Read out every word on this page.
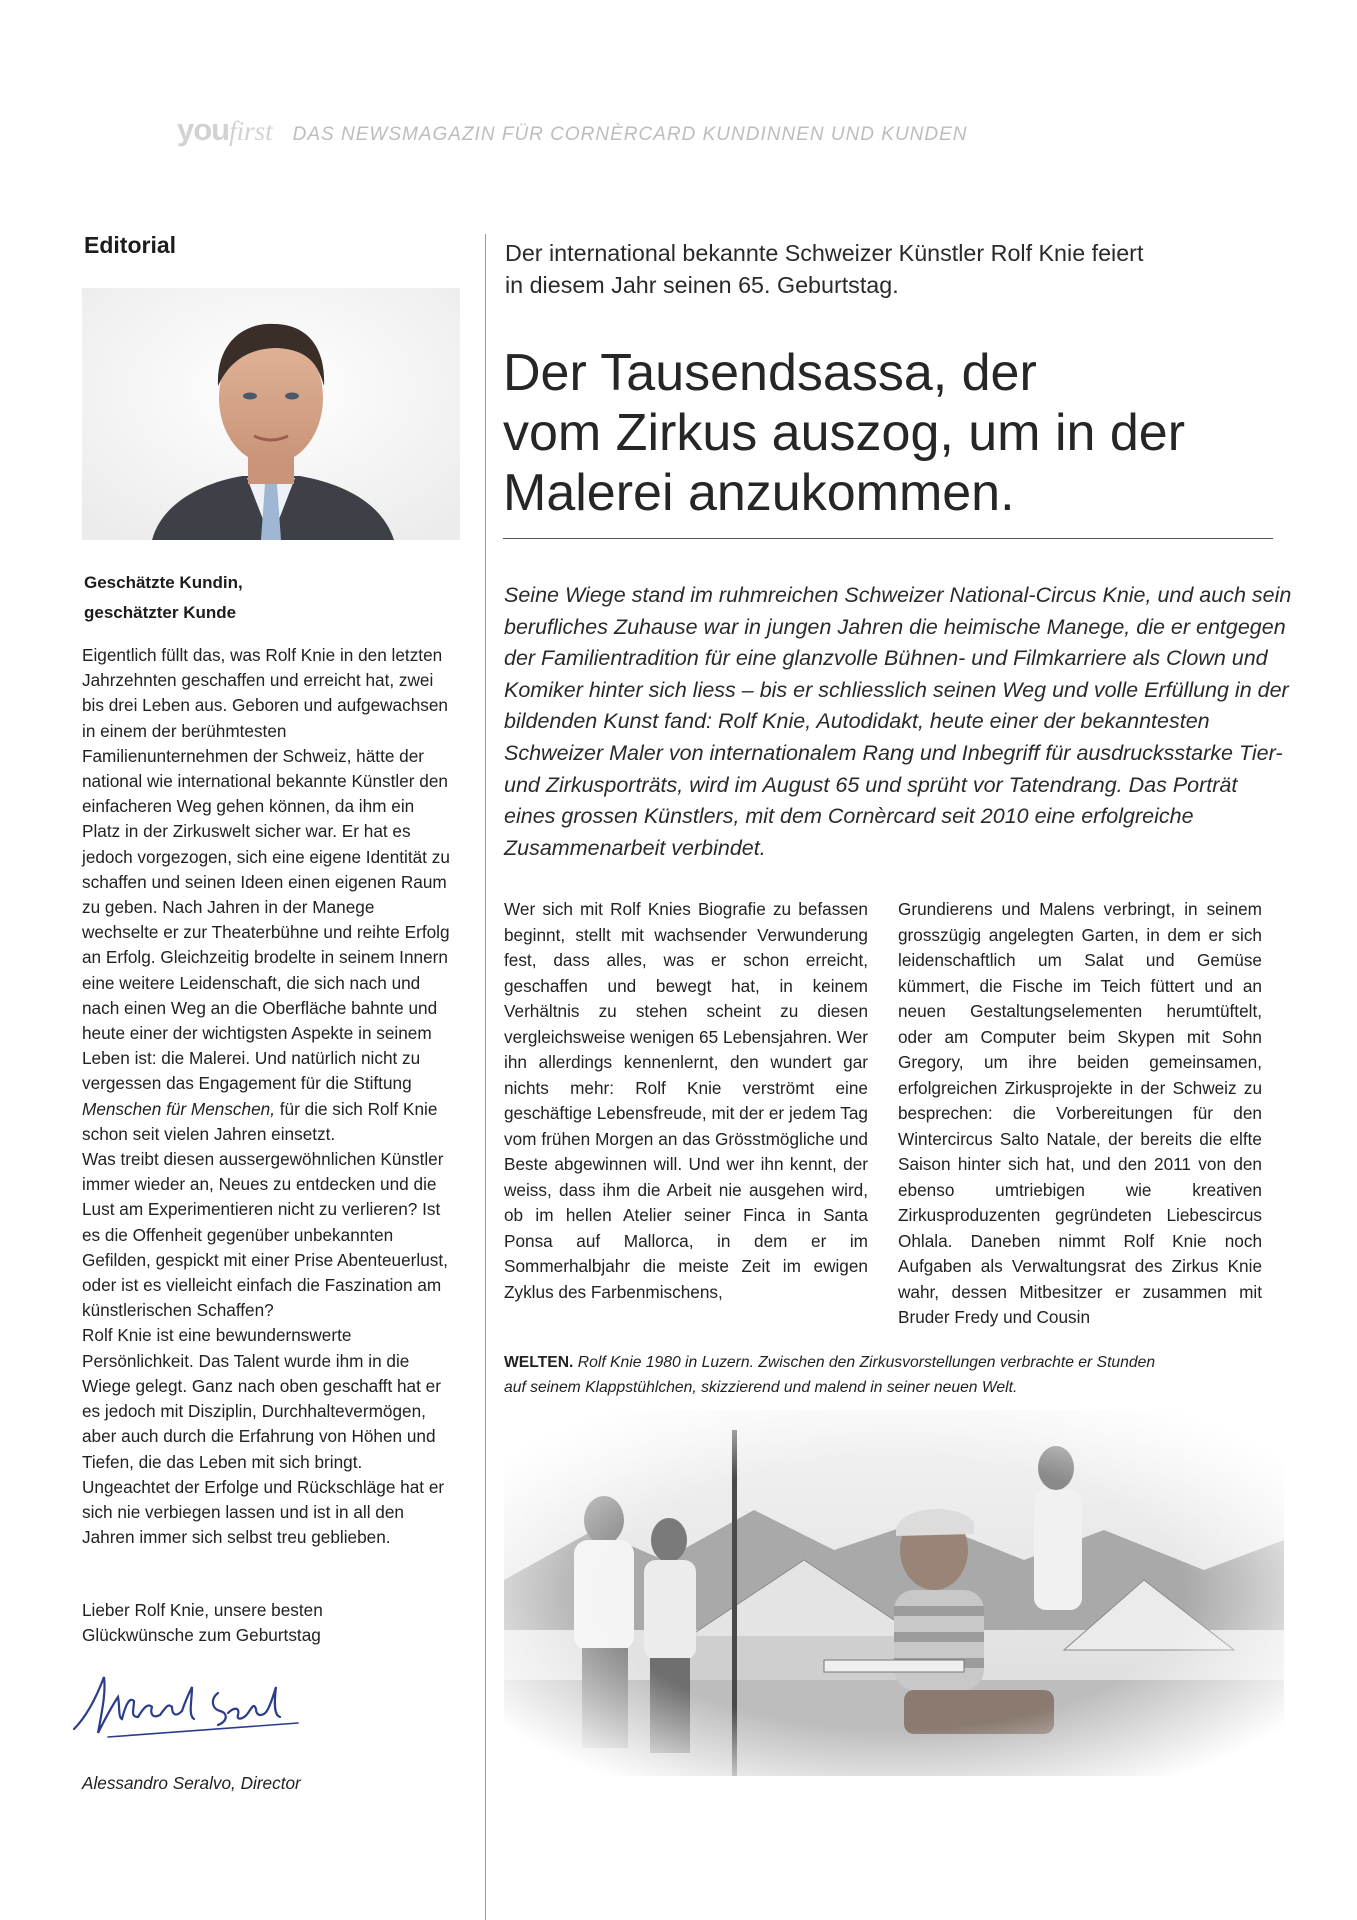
you first DAS NEWSMAGAZIN FÜR CORNÈRCARD KUNDINNEN UND KUNDEN
Editorial
Geschätzte Kundin,
geschätzter Kunde

Eigentlich füllt das, was Rolf Knie in den letzten Jahrzehnten geschaffen und erreicht hat, zwei bis drei Leben aus. Geboren und aufgewachsen in einem der berühmtesten Familienunternehmen der Schweiz, hätte der national wie international bekannte Künstler den einfacheren Weg gehen können, da ihm ein Platz in der Zirkuswelt sicher war. Er hat es jedoch vorgezogen, sich eine eigene Identität zu schaffen und seinen Ideen einen eigenen Raum zu geben. Nach Jahren in der Manege wechselte er zur Theaterbühne und reihte Erfolg an Erfolg. Gleichzeitig brodelte in seinem Innern eine weitere Leidenschaft, die sich nach und nach einen Weg an die Oberfläche bahnte und heute einer der wichtigsten Aspekte in seinem Leben ist: die Malerei. Und natürlich nicht zu vergessen das Engagement für die Stiftung Menschen für Menschen, für die sich Rolf Knie schon seit vielen Jahren einsetzt.

Was treibt diesen aussergewöhnlichen Künstler immer wieder an, Neues zu entdecken und die Lust am Experimentieren nicht zu verlieren? Ist es die Offenheit gegenüber unbekannten Gefilden, gespickt mit einer Prise Abenteuerlust, oder ist es vielleicht einfach die Faszination am künstlerischen Schaffen?

Rolf Knie ist eine bewundernswerte Persönlichkeit. Das Talent wurde ihm in die Wiege gelegt. Ganz nach oben geschafft hat er es jedoch mit Disziplin, Durchhaltevermögen, aber auch durch die Erfahrung von Höhen und Tiefen, die das Leben mit sich bringt. Ungeachtet der Erfolge und Rückschläge hat er sich nie verbiegen lassen und ist in all den Jahren immer sich selbst treu geblieben.

Lieber Rolf Knie, unsere besten

Glückwünsche zum Geburtstag

Alessandro Seralvo, Director

Der international bekannte Schweizer Künstler Rolf Knie feiert

in diesem Jahr seinen 65. Geburtstag.

Der Tausendsassa, der
vom Zirkus auszog, um in der
Malerei anzukommen.

Seine Wiege stand im ruhmreichen Schweizer National-Circus Knie, und auch sein berufliches Zuhause war in jungen Jahren die heimische Manege, die er entgegen der Familientradition für eine glanzvolle Bühnen- und Filmkarriere als Clown und Komiker hinter sich liess – bis er schliesslich seinen Weg und volle Erfüllung in der bildenden Kunst fand: Rolf Knie, Autodidakt, heute einer der bekanntesten Schweizer Maler von internationalem Rang und Inbegriff für ausdrucksstarke Tier- und Zirkusporträts, wird im August 65 und sprüht vor Tatendrang. Das Porträt eines grossen Künstlers, mit dem Cornèrcard seit 2010 eine erfolgreiche Zusammenarbeit verbindet.

Wer sich mit Rolf Knies Biografie zu befassen beginnt, stellt mit wachsender Verwunderung fest, dass alles, was er schon erreicht, geschaffen und bewegt hat, in keinem Verhältnis zu stehen scheint zu diesen vergleichsweise wenigen 65 Lebensjahren. Wer ihn allerdings kennenlernt, den wundert gar nichts mehr: Rolf Knie verströmt eine geschäftige Lebensfreude, mit der er jedem Tag vom frühen Morgen an das Grösstmögliche und Beste abgewinnen will. Und wer ihn kennt, der weiss, dass ihm die Arbeit nie ausgehen wird, ob im hellen Atelier seiner Finca in Santa Ponsa auf Mallorca, in dem er im Sommerhalbjahr die meiste Zeit im ewigen Zyklus des Farbenmischens,

Grundierens und Malens verbringt, in seinem grosszügig angelegten Garten, in dem er sich leidenschaftlich um Salat und Gemüse kümmert, die Fische im Teich füttert und an neuen Gestaltungselementen herumtüftelt, oder am Computer beim Skypen mit Sohn Gregory, um ihre beiden gemeinsamen, erfolgreichen Zirkusprojekte in der Schweiz zu besprechen: die Vorbereitungen für den Wintercircus Salto Natale, der bereits die elfte Saison hinter sich hat, und den 2011 von den ebenso umtriebigen wie kreativen Zirkusproduzenten gegründeten Liebescircus Ohlala. Daneben nimmt Rolf Knie noch Aufgaben als Verwaltungsrat des Zirkus Knie wahr, dessen Mitbesitzer er zusammen mit Bruder Fredy und Cousin

WELTEN. Rolf Knie 1980 in Luzern. Zwischen den Zirkusvorstellungen verbrachte er Stunden
auf seinem Klappstühlchen, skizzierend und malend in seiner neuen Welt.
